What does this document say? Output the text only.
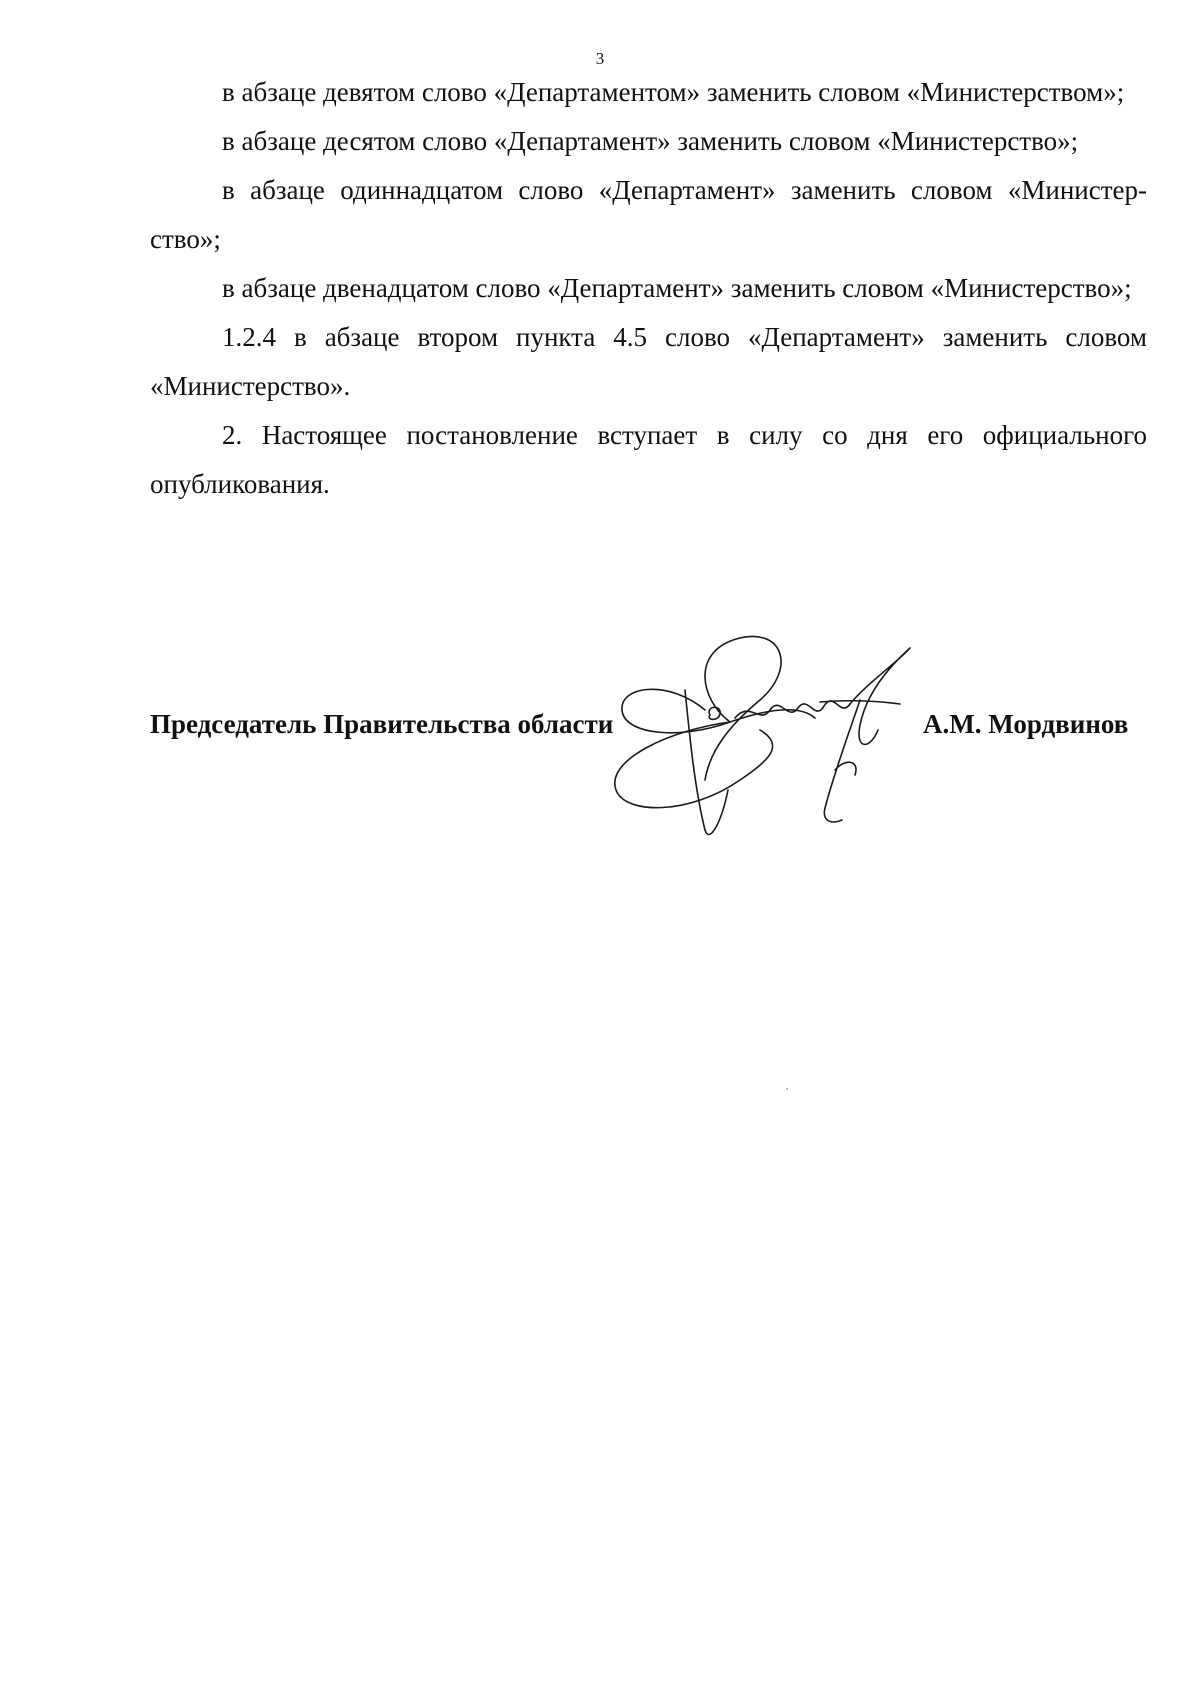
3

в абзаце девятом слово «Департаментом» заменить словом «Министерством»;

в абзаце десятом слово «Департамент» заменить словом «Министерство»;

в абзаце одиннадцатом слово «Департамент» заменить словом «Министерство»;

в абзаце двенадцатом слово «Департамент» заменить словом «Министерство»;

1.2.4 в абзаце втором пункта 4.5 слово «Департамент» заменить словом «Министерство».

2. Настоящее постановление вступает в силу со дня его официального опубликования.

Председатель Правительства области	А.М. Мордвинов
